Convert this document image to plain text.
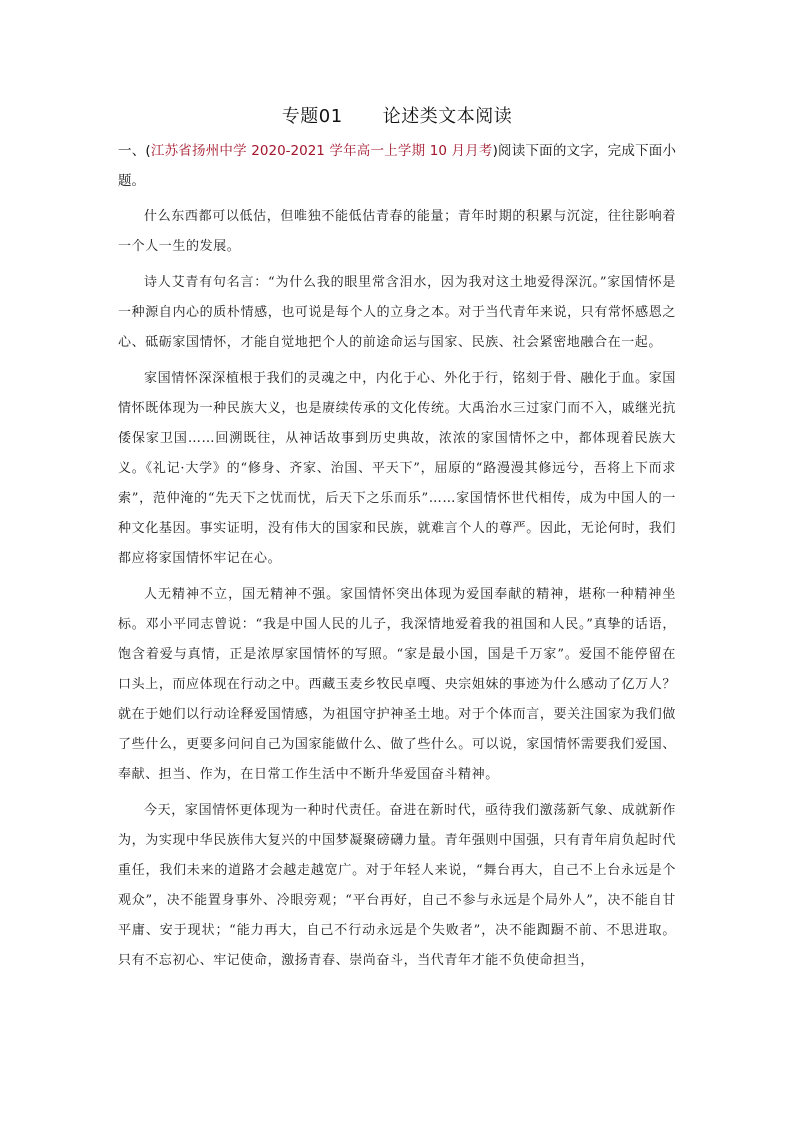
专题01 论述类文本阅读
一、(江苏省扬州中学 2020-2021 学年高一上学期 10 月月考)阅读下面的文字，完成下面小题。

什么东西都可以低估，但唯独不能低估青春的能量；青年时期的积累与沉淀，往往影响着一个人一生的发展。

诗人艾青有句名言：“为什么我的眼里常含泪水，因为我对这土地爱得深沉。”家国情怀是一种源自内心的质朴情感，也可说是每个人的立身之本。对于当代青年来说，只有常怀感恩之心、砥砺家国情怀，才能自觉地把个人的前途命运与国家、民族、社会紧密地融合在一起。

家国情怀深深植根于我们的灵魂之中，内化于心、外化于行，铭刻于骨、融化于血。家国情怀既体现为一种民族大义，也是赓续传承的文化传统。大禹治水三过家门而不入，戚继光抗倭保家卫国……回溯既往，从神话故事到历史典故，浓浓的家国情怀之中，都体现着民族大义。《礼记·大学》的“修身、齐家、治国、平天下”，屈原的“路漫漫其修远兮，吾将上下而求索”，范仲淹的“先天下之忧而忧，后天下之乐而乐”……家国情怀世代相传，成为中国人的一种文化基因。事实证明，没有伟大的国家和民族，就难言个人的尊严。因此，无论何时，我们都应将家国情怀牢记在心。

人无精神不立，国无精神不强。家国情怀突出体现为爱国奉献的精神，堪称一种精神坐标。邓小平同志曾说：“我是中国人民的儿子，我深情地爱着我的祖国和人民。”真挚的话语，饱含着爱与真情，正是浓厚家国情怀的写照。“家是最小国，国是千万家”。爱国不能停留在口头上，而应体现在行动之中。西藏玉麦乡牧民卓嘎、央宗姐妹的事迹为什么感动了亿万人？就在于她们以行动诠释爱国情感，为祖国守护神圣土地。对于个体而言，要关注国家为我们做了些什么，更要多问问自己为国家能做什么、做了些什么。可以说，家国情怀需要我们爱国、奉献、担当、作为，在日常工作生活中不断升华爱国奋斗精神。

今天，家国情怀更体现为一种时代责任。奋进在新时代，亟待我们激荡新气象、成就新作为，为实现中华民族伟大复兴的中国梦凝聚磅礴力量。青年强则中国强，只有青年肩负起时代重任，我们未来的道路才会越走越宽广。对于年轻人来说，“舞台再大，自己不上台永远是个观众”，决不能置身事外、冷眼旁观；“平台再好，自己不参与永远是个局外人”，决不能自甘平庸、安于现状；“能力再大，自己不行动永远是个失败者”，决不能踟蹰不前、不思进取。只有不忘初心、牢记使命，激扬青春、崇尚奋斗，当代青年才能不负使命担当，
